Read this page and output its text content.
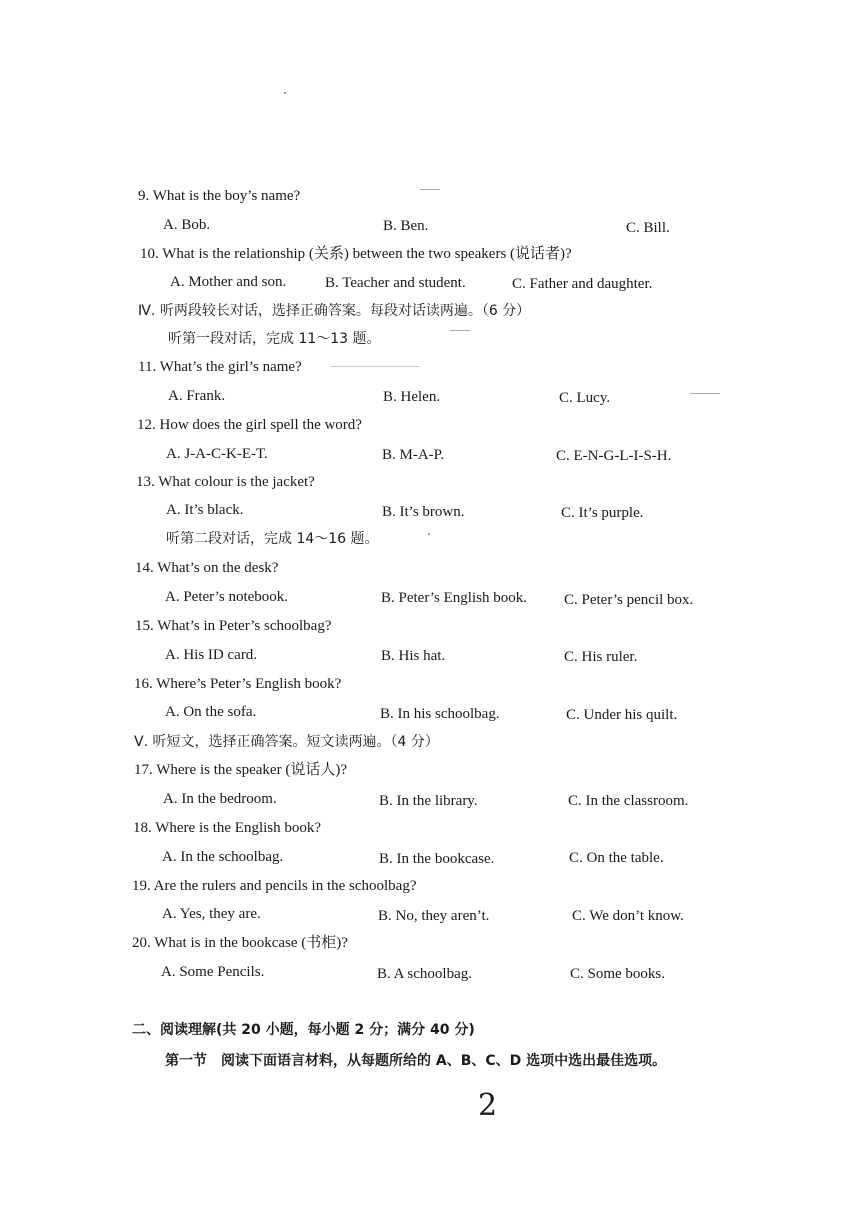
9. What is the boy’s name?
A. Bob.	B. Ben.	C. Bill.
10. What is the relationship (关系) between the two speakers (说话者)?
A. Mother and son.	B. Teacher and student.	C. Father and daughter.
Ⅳ. 听两段较长对话，选择正确答案。每段对话读两遍。（6 分）
听第一段对话，完成 11～13 题。
11. What’s the girl’s name?
A. Frank.	B. Helen.	C. Lucy.
12. How does the girl spell the word?
A. J-A-C-K-E-T.	B. M-A-P.	C. E-N-G-L-I-S-H.
13. What colour is the jacket?
A. It’s black.	B. It’s brown.	C. It’s purple.
听第二段对话，完成 14～16 题。
14. What’s on the desk?
A. Peter’s notebook.	B. Peter’s English book. C. Peter’s pencil box.
15. What’s in Peter’s schoolbag?
A. His ID card.	B. His hat.	C. His ruler.
16. Where’s Peter’s English book?
A. On the sofa.	B. In his schoolbag.	C. Under his quilt.
Ⅴ. 听短文，选择正确答案。短文读两遍。（4 分）
17. Where is the speaker (说话人)?
A. In the bedroom.	B. In the library.	C. In the classroom.
18. Where is the English book?
A. In the schoolbag.	B. In the bookcase.	C. On the table.
19. Are the rulers and pencils in the schoolbag?
A. Yes, they are.	B. No, they aren’t.	C. We don’t know.
20. What is in the bookcase (书柜)?
A. Some Pencils.	B. A schoolbag.	C. Some books.
二、阅读理解(共 20 小题，每小题 2 分；满分 40 分)
第一节　阅读下面语言材料，从每题所给的 A、B、C、D 选项中选出最佳选项。
2
